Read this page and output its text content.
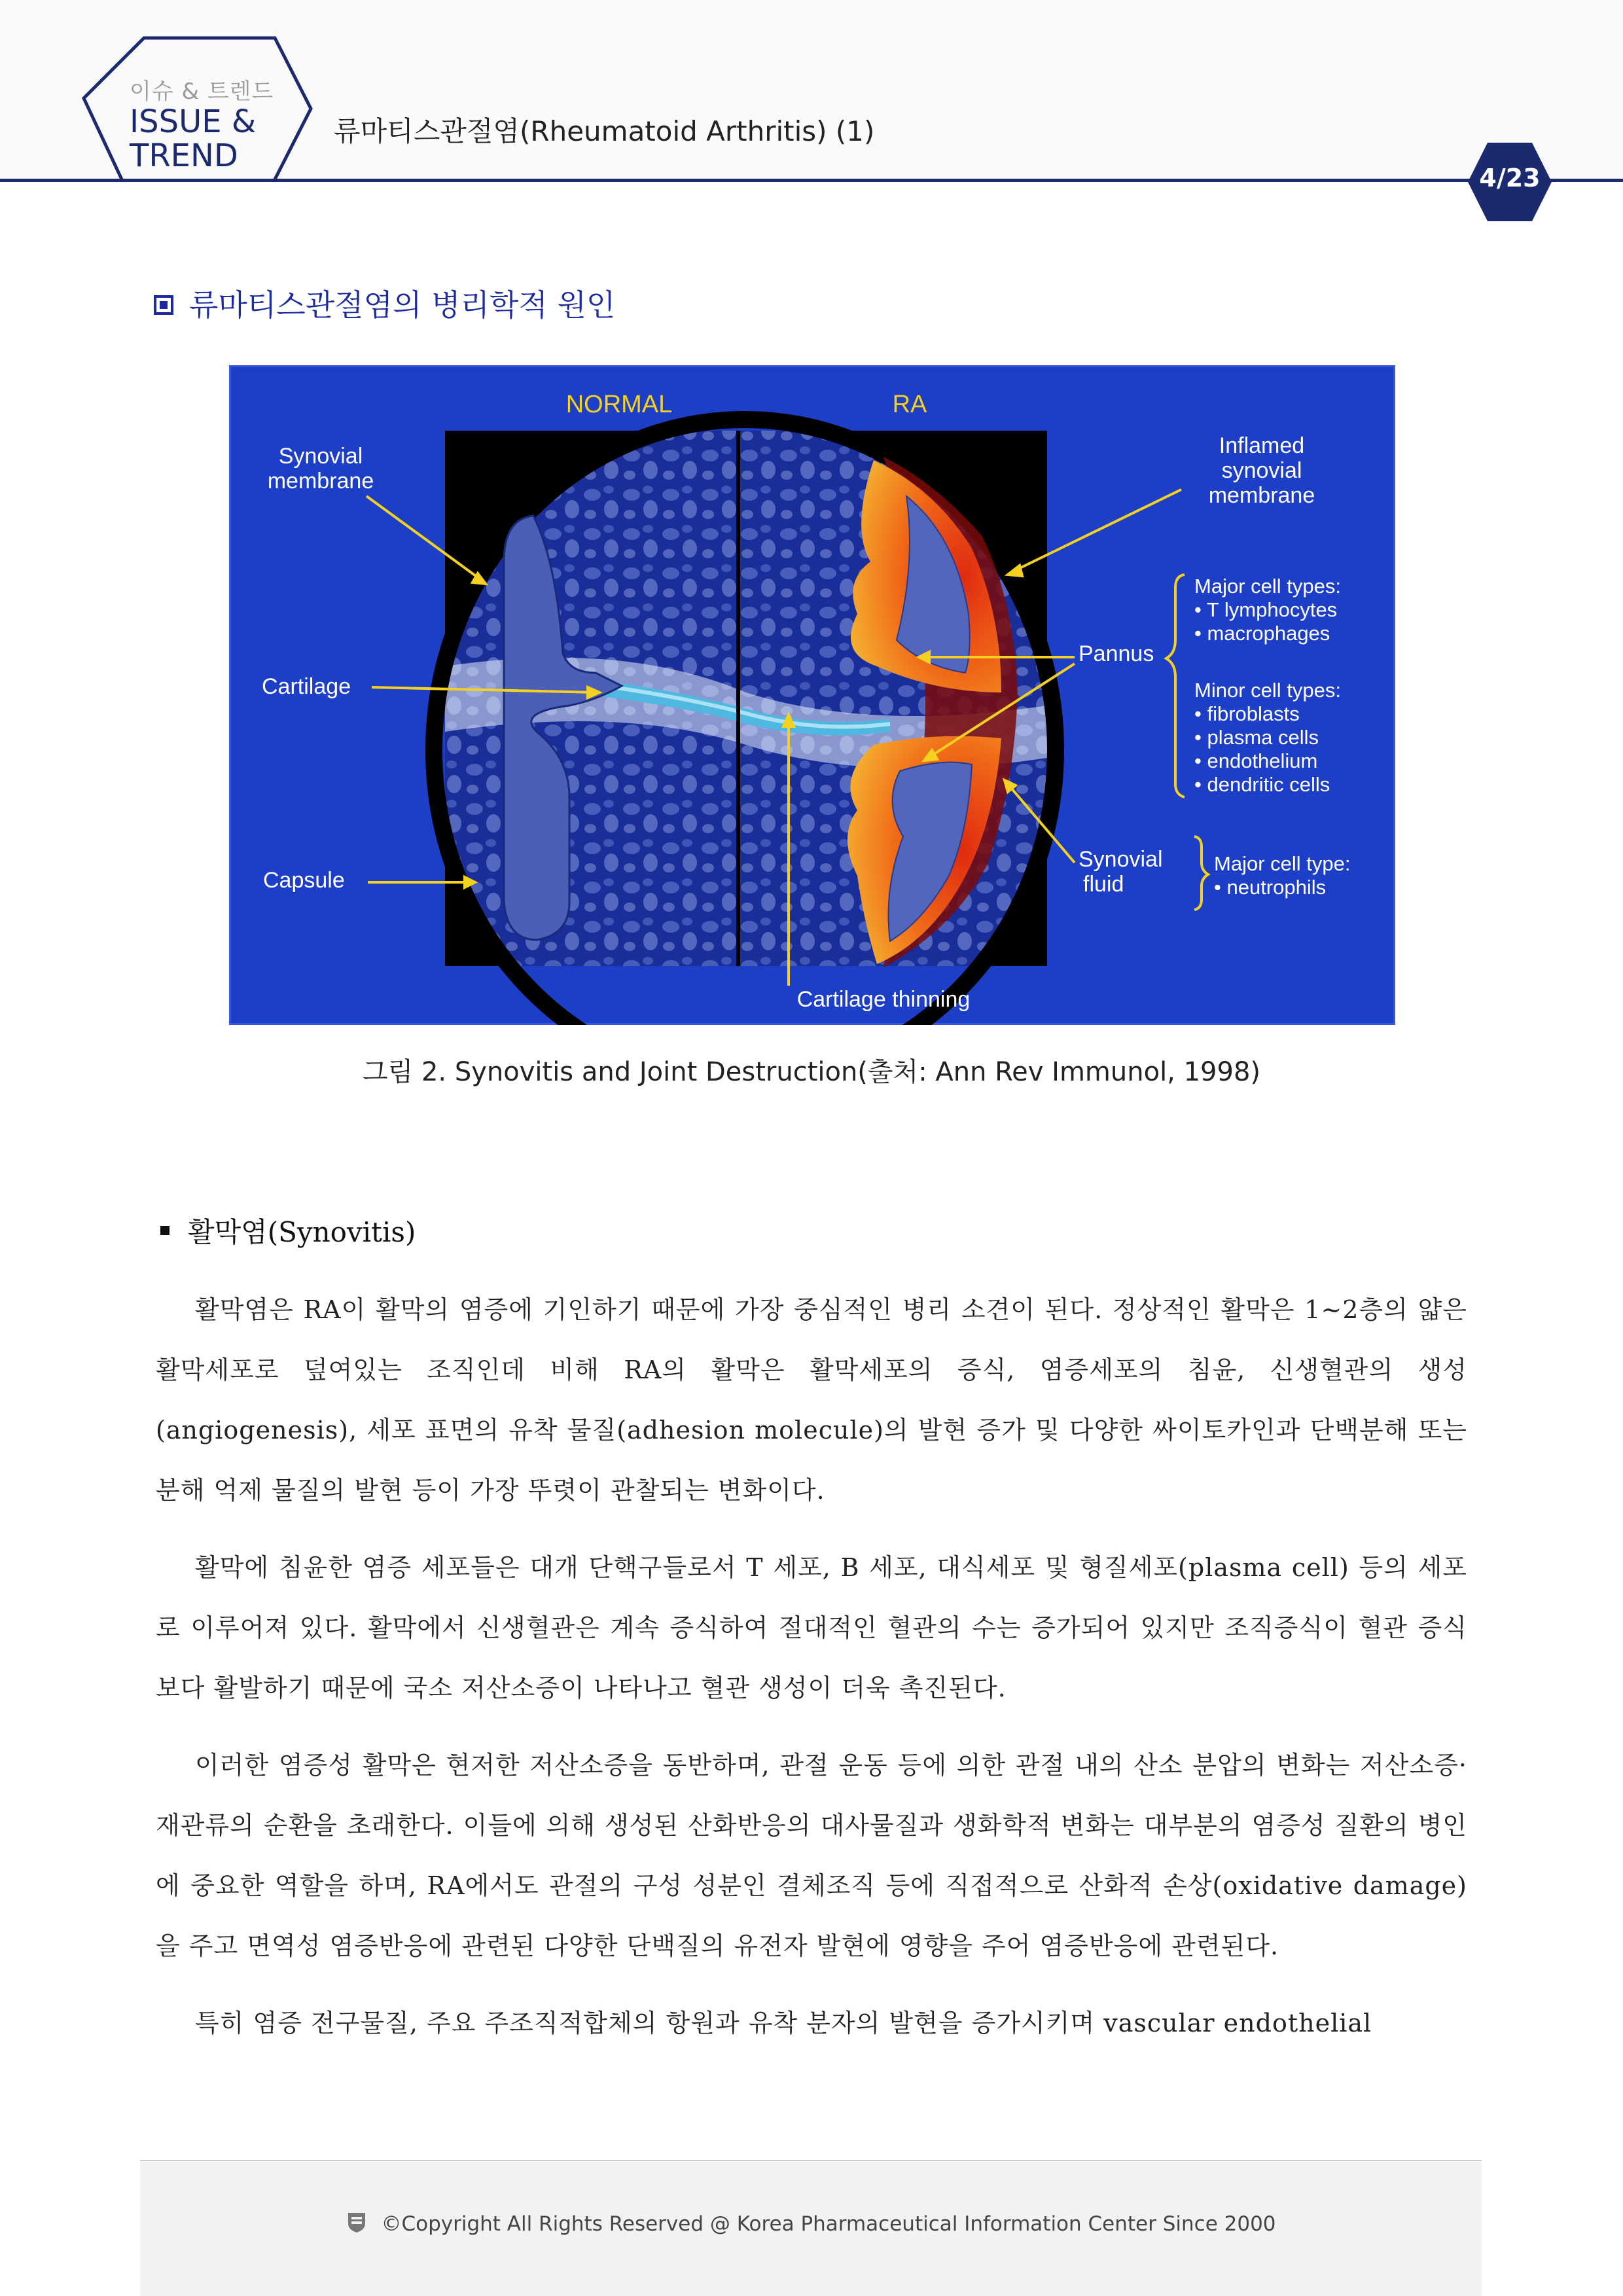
이슈 & 트렌드
ISSUE &
TREND
류마티스관절염(Rheumatoid Arthritis) (1)
4/23
류마티스관절염의 병리학적 원인
NORMAL	RA
Synovial
membrane
Cartilage
Capsule
Inflamed
synovial
membrane
Major cell types:
• T lymphocytes
• macrophages
Pannus
Minor cell types:
• fibroblasts
• plasma cells
• endothelium
• dendritic cells
Synovial
fluid
Major cell type:
• neutrophils
Cartilage thinning
그림 2. Synovitis and Joint Destruction(출처: Ann Rev Immunol, 1998)
활막염(Synovitis)

활막염은 RA이 활막의 염증에 기인하기 때문에 가장 중심적인 병리 소견이 된다. 정상적인 활막은 1~2층의 얇은 활막세포로 덮여있는 조직인데 비해 RA의 활막은 활막세포의 증식, 염증세포의 침윤, 신생혈관의 생성(angiogenesis), 세포 표면의 유착 물질(adhesion molecule)의 발현 증가 및 다양한 싸이토카인과 단백분해 또는 분해 억제 물질의 발현 등이 가장 뚜렷이 관찰되는 변화이다.

활막에 침윤한 염증 세포들은 대개 단핵구들로서 T 세포, B 세포, 대식세포 및 형질세포(plasma cell) 등의 세포로 이루어져 있다. 활막에서 신생혈관은 계속 증식하여 절대적인 혈관의 수는 증가되어 있지만 조직증식이 혈관 증식보다 활발하기 때문에 국소 저산소증이 나타나고 혈관 생성이 더욱 촉진된다.

이러한 염증성 활막은 현저한 저산소증을 동반하며, 관절 운동 등에 의한 관절 내의 산소 분압의 변화는 저산소증·재관류의 순환을 초래한다. 이들에 의해 생성된 산화반응의 대사물질과 생화학적 변화는 대부분의 염증성 질환의 병인에 중요한 역할을 하며, RA에서도 관절의 구성 성분인 결체조직 등에 직접적으로 산화적 손상(oxidative damage)을 주고 면역성 염증반응에 관련된 다양한 단백질의 유전자 발현에 영향을 주어 염증반응에 관련된다.

특히 염증 전구물질, 주요 주조직적합체의 항원과 유착 분자의 발현을 증가시키며 vascular endothelial

©Copyright All Rights Reserved @ Korea Pharmaceutical Information Center Since 2000
